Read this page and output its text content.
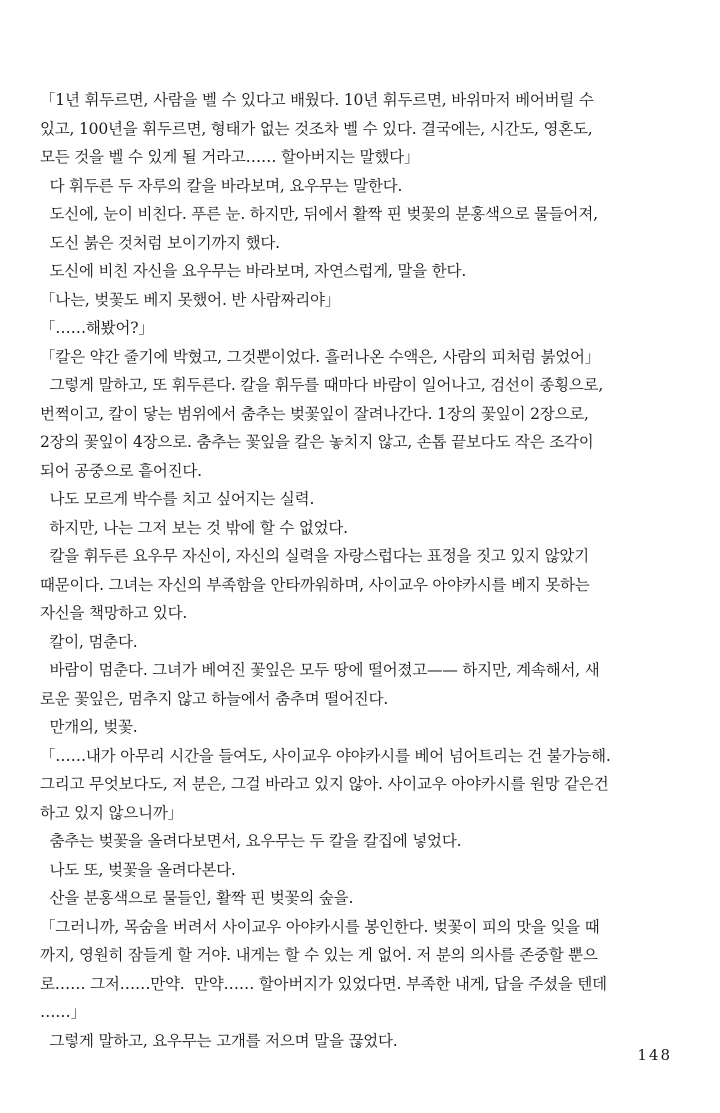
「1년 휘두르면, 사람을 벨 수 있다고 배웠다. 10년 휘두르면, 바위마저 베어버릴 수
있고, 100년을 휘두르면, 형태가 없는 것조차 벨 수 있다. 결국에는, 시간도, 영혼도,
모든 것을 벨 수 있게 될 거라고…… 할아버지는 말했다」
다 휘두른 두 자루의 칼을 바라보며, 요우무는 말한다.
도신에, 눈이 비친다. 푸른 눈. 하지만, 뒤에서 활짝 핀 벚꽃의 분홍색으로 물들어져,
도신 붉은 것처럼 보이기까지 했다.
도신에 비친 자신을 요우무는 바라보며, 자연스럽게, 말을 한다.
「나는, 벚꽃도 베지 못했어. 반 사람짜리야」
「……해봤어?」
「칼은 약간 줄기에 박혔고, 그것뿐이었다. 흘러나온 수액은, 사람의 피처럼 붉었어」
그렇게 말하고, 또 휘두른다. 칼을 휘두를 때마다 바람이 일어나고, 검선이 종횡으로,
번쩍이고, 칼이 닿는 범위에서 춤추는 벚꽃잎이 잘려나간다. 1장의 꽃잎이 2장으로,
2장의 꽃잎이 4장으로. 춤추는 꽃잎을 칼은 놓치지 않고, 손톱 끝보다도 작은 조각이
되어 공중으로 흩어진다.
나도 모르게 박수를 치고 싶어지는 실력.
하지만, 나는 그저 보는 것 밖에 할 수 없었다.
칼을 휘두른 요우무 자신이, 자신의 실력을 자랑스럽다는 표정을 짓고 있지 않았기
때문이다. 그녀는 자신의 부족함을 안타까워하며, 사이교우 아야카시를 베지 못하는
자신을 책망하고 있다.
칼이, 멈춘다.
바람이 멈춘다. 그녀가 베여진 꽃잎은 모두 땅에 떨어졌고—— 하지만, 계속해서, 새
로운 꽃잎은, 멈추지 않고 하늘에서 춤추며 떨어진다.
만개의, 벚꽃.
「……내가 아무리 시간을 들여도, 사이교우 야야카시를 베어 넘어트리는 건 불가능해.
그리고 무엇보다도, 저 분은, 그걸 바라고 있지 않아. 사이교우 아야카시를 원망 같은건
하고 있지 않으니까」
춤추는 벚꽃을 올려다보면서, 요우무는 두 칼을 칼집에 넣었다.
나도 또, 벚꽃을 올려다본다.
산을 분홍색으로 물들인, 활짝 핀 벚꽃의 숲을.
「그러니까, 목숨을 버려서 사이교우 아야카시를 봉인한다. 벚꽃이 피의 맛을 잊을 때
까지, 영원히 잠들게 할 거야. 내게는 할 수 있는 게 없어. 저 분의 의사를 존중할 뿐으
로…… 그저……만약.  만약…… 할아버지가 있었다면. 부족한 내게, 답을 주셨을 텐데
……」
그렇게 말하고, 요우무는 고개를 저으며 말을 끊었다.
148
